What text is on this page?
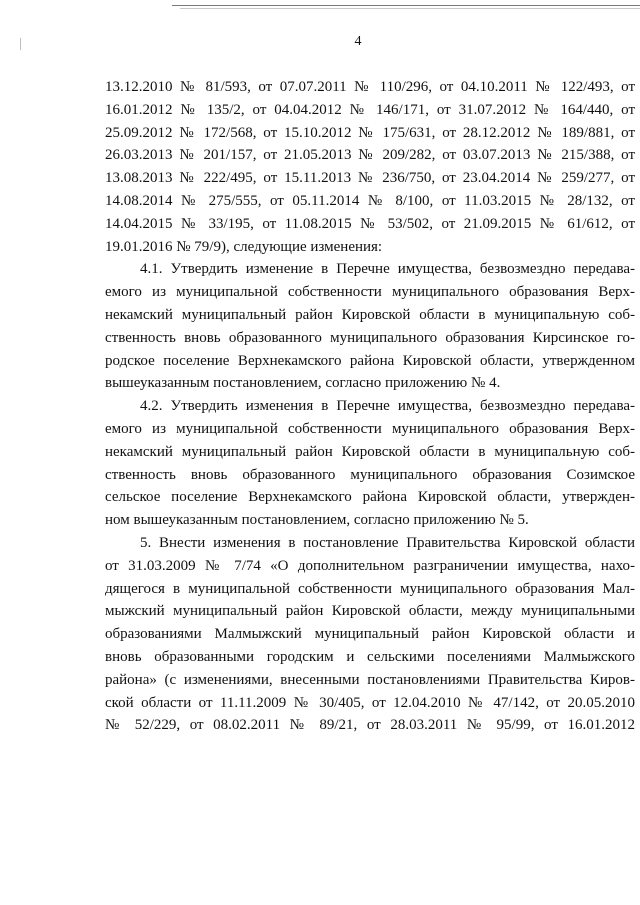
4
13.12.2010 № 81/593, от 07.07.2011 № 110/296, от 04.10.2011 № 122/493, от
16.01.2012 № 135/2, от 04.04.2012 № 146/171, от 31.07.2012 № 164/440, от
25.09.2012 № 172/568, от 15.10.2012 № 175/631, от 28.12.2012 № 189/881, от
26.03.2013 № 201/157, от 21.05.2013 № 209/282, от 03.07.2013 № 215/388, от
13.08.2013 № 222/495, от 15.11.2013 № 236/750, от 23.04.2014 № 259/277, от
14.08.2014 № 275/555, от 05.11.2014 № 8/100, от 11.03.2015 № 28/132, от
14.04.2015 № 33/195, от 11.08.2015 № 53/502, от 21.09.2015 № 61/612, от
19.01.2016 № 79/9), следующие изменения:
4.1. Утвердить изменение в Перечне имущества, безвозмездно передава-
емого из муниципальной собственности муниципального образования Верх-
некамский муниципальный район Кировской области в муниципальную соб-
ственность вновь образованного муниципального образования Кирсинское го-
родское поселение Верхнекамского района Кировской области, утвержденном
вышеуказанным постановлением, согласно приложению № 4.
4.2. Утвердить изменения в Перечне имущества, безвозмездно передава-
емого из муниципальной собственности муниципального образования Верх-
некамский муниципальный район Кировской области в муниципальную соб-
ственность вновь образованного муниципального образования Созимское
сельское поселение Верхнекамского района Кировской области, утвержден-
ном вышеуказанным постановлением, согласно приложению № 5.
5. Внести изменения в постановление Правительства Кировской области
от 31.03.2009 № 7/74 «О дополнительном разграничении имущества, нахо-
дящегося в муниципальной собственности муниципального образования Мал-
мыжский муниципальный район Кировской области, между муниципальными
образованиями Малмыжский муниципальный район Кировской области и
вновь образованными городским и сельскими поселениями Малмыжского
района» (с изменениями, внесенными постановлениями Правительства Киров-
ской области от 11.11.2009 № 30/405, от 12.04.2010 № 47/142, от 20.05.2010
№ 52/229, от 08.02.2011 № 89/21, от 28.03.2011 № 95/99, от 16.01.2012
